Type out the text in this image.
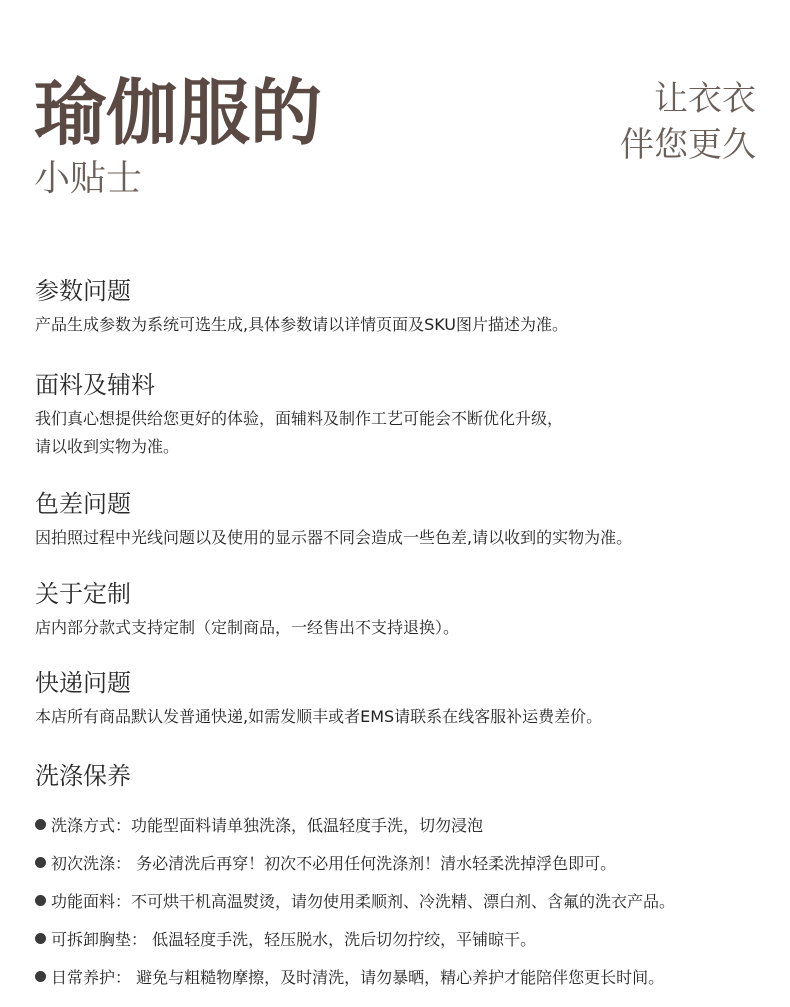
瑜伽服的
小贴士
让衣衣
伴您更久
参数问题
产品生成参数为系统可选生成,具体参数请以详情页面及SKU图片描述为准。
面料及辅料
我们真心想提供给您更好的体验，面辅料及制作工艺可能会不断优化升级，
请以收到实物为准。
色差问题
因拍照过程中光线问题以及使用的显示器不同会造成一些色差,请以收到的实物为准。
关于定制
店内部分款式支持定制（定制商品，一经售出不支持退换）。
快递问题
本店所有商品默认发普通快递,如需发顺丰或者EMS请联系在线客服补运费差价。
洗涤保养
洗涤方式：功能型面料请单独洗涤，低温轻度手洗，切勿浸泡
初次洗涤： 务必清洗后再穿！初次不必用任何洗涤剂！清水轻柔洗掉浮色即可。
功能面料：不可烘干机高温熨烫，请勿使用柔顺剂、冷洗精、漂白剂、含氟的洗衣产品。
可拆卸胸垫： 低温轻度手洗，轻压脱水，洗后切勿拧绞，平铺晾干。
日常养护： 避免与粗糙物摩擦，及时清洗，请勿暴晒，精心养护才能陪伴您更长时间。
